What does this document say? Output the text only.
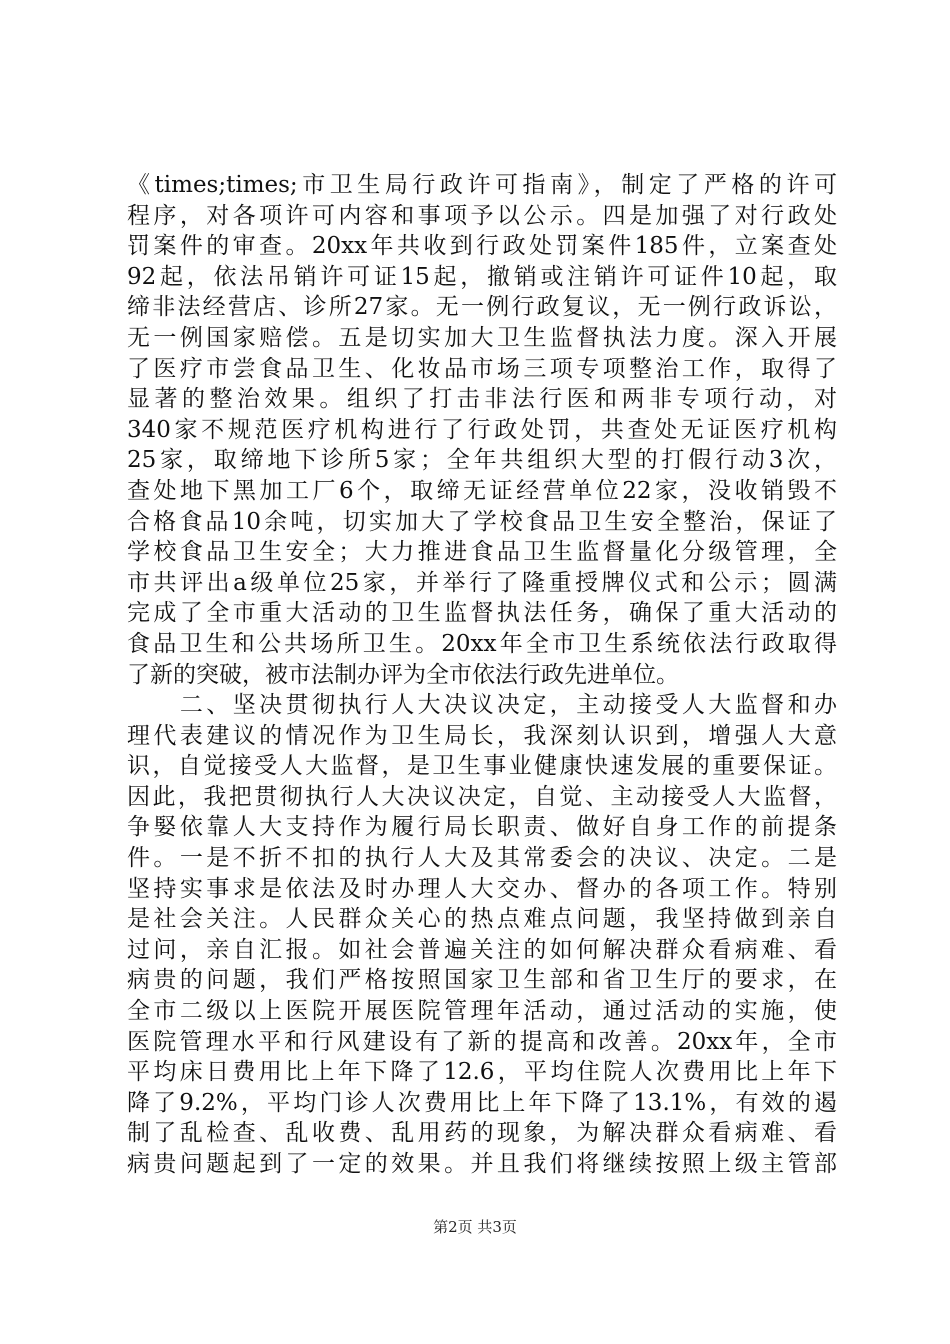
《times;times;市卫生局行政许可指南》，制定了严格的许可
程序，对各项许可内容和事项予以公示。四是加强了对行政处
罚案件的审查。20xx年共收到行政处罚案件185件，立案查处
92起，依法吊销许可证15起，撤销或注销许可证件10起，取
缔非法经营店、诊所27家。无一例行政复议，无一例行政诉讼，
无一例国家赔偿。五是切实加大卫生监督执法力度。深入开展
了医疗市尝食品卫生、化妆品市场三项专项整治工作，取得了
显著的整治效果。组织了打击非法行医和两非专项行动，对
340家不规范医疗机构进行了行政处罚，共查处无证医疗机构
25家，取缔地下诊所5家；全年共组织大型的打假行动3次，
查处地下黑加工厂6个，取缔无证经营单位22家，没收销毁不
合格食品10余吨，切实加大了学校食品卫生安全整治，保证了
学校食品卫生安全；大力推进食品卫生监督量化分级管理，全
市共评出a级单位25家，并举行了隆重授牌仪式和公示；圆满
完成了全市重大活动的卫生监督执法任务，确保了重大活动的
食品卫生和公共场所卫生。20xx年全市卫生系统依法行政取得
了新的突破，被市法制办评为全市依法行政先进单位。
　　二、坚决贯彻执行人大决议决定，主动接受人大监督和办
理代表建议的情况作为卫生局长，我深刻认识到，增强人大意
识，自觉接受人大监督，是卫生事业健康快速发展的重要保证。
因此，我把贯彻执行人大决议决定，自觉、主动接受人大监督，
争婜依靠人大支持作为履行局长职责、做好自身工作的前提条
件。一是不折不扣的执行人大及其常委会的决议、决定。二是
坚持实事求是依法及时办理人大交办、督办的各项工作。特别
是社会关注。人民群众关心的热点难点问题，我坚持做到亲自
过问，亲自汇报。如社会普遍关注的如何解决群众看病难、看
病贵的问题，我们严格按照国家卫生部和省卫生厅的要求，在
全市二级以上医院开展医院管理年活动，通过活动的实施，使
医院管理水平和行风建设有了新的提高和改善。20xx年，全市
平均床日费用比上年下降了12.6，平均住院人次费用比上年下
降了9.2%，平均门诊人次费用比上年下降了13.1%，有效的遏
制了乱检查、乱收费、乱用药的现象，为解决群众看病难、看
病贵问题起到了一定的效果。并且我们将继续按照上级主管部
第2页 共3页
